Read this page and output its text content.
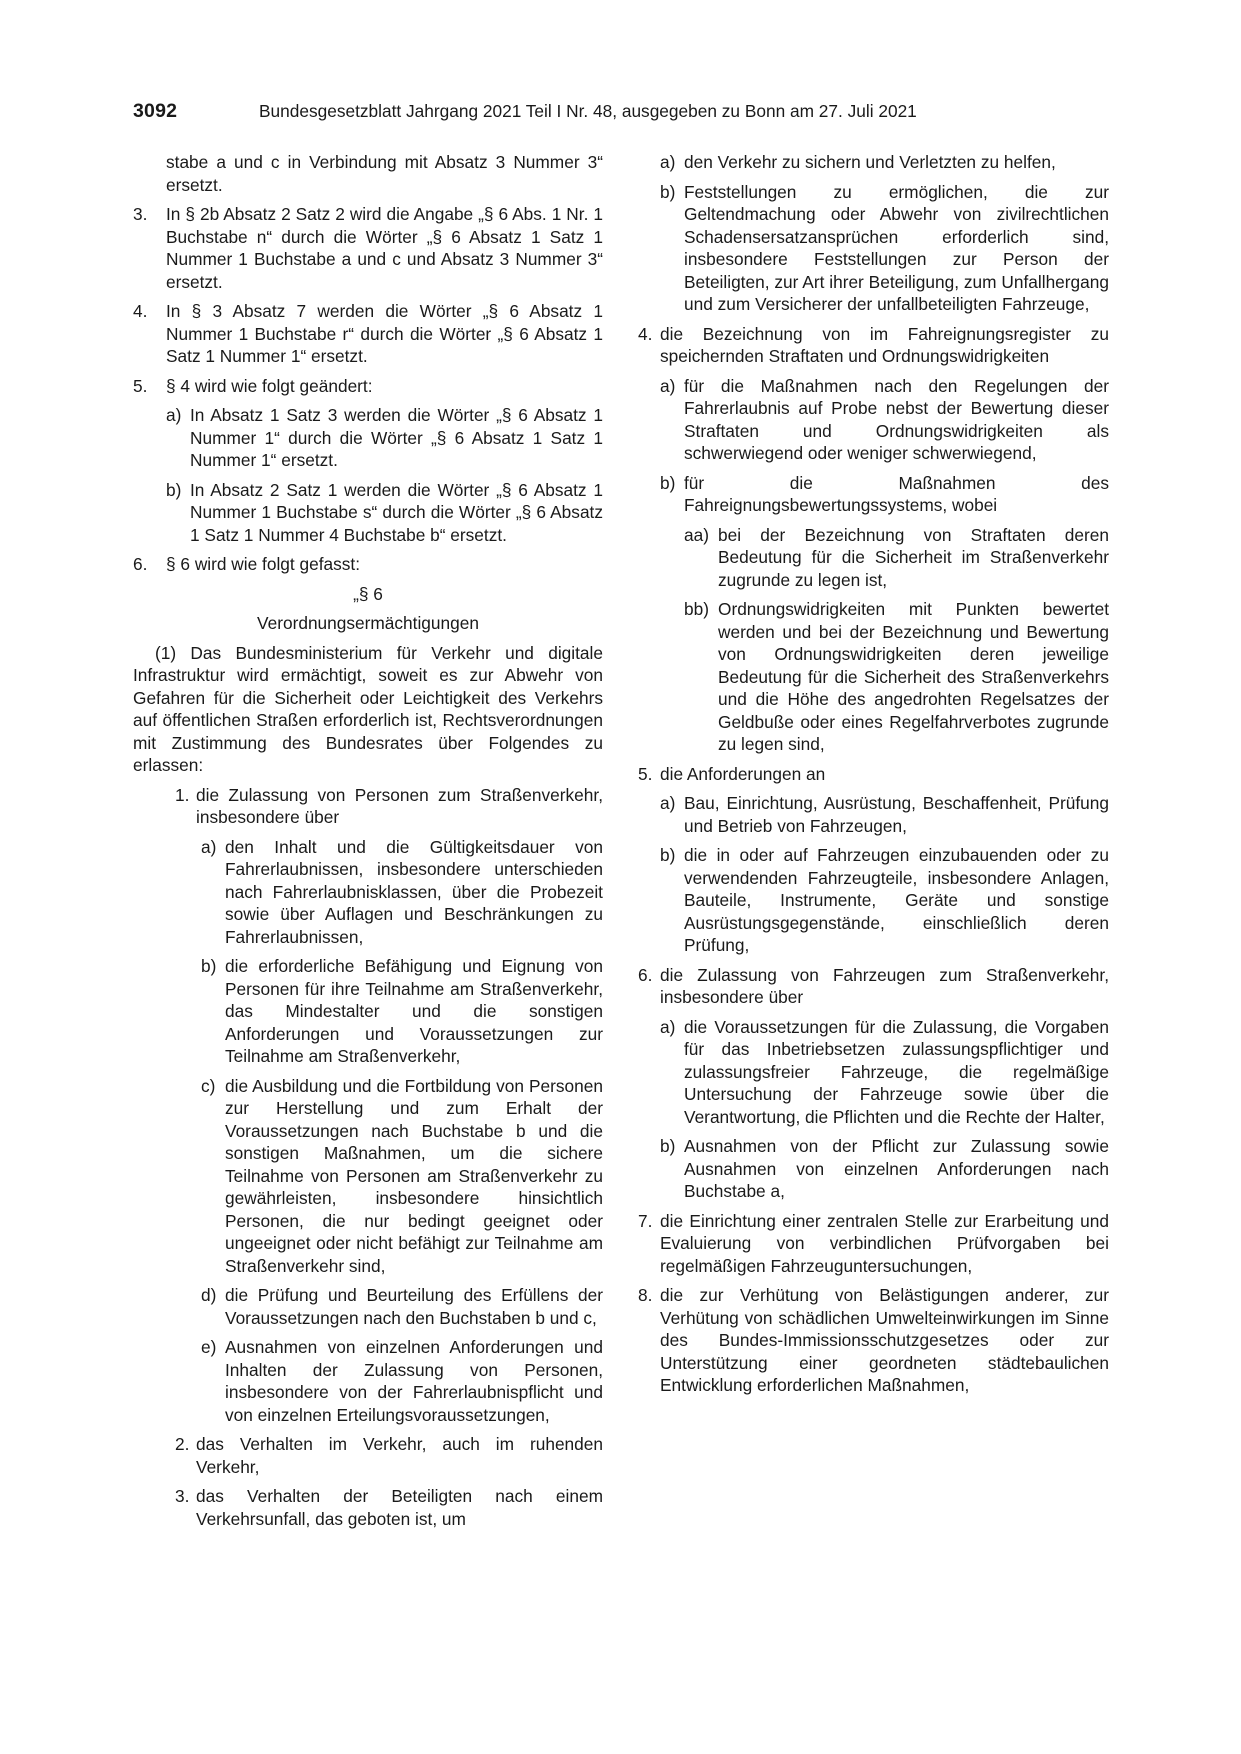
3092	Bundesgesetzblatt Jahrgang 2021 Teil I Nr. 48, ausgegeben zu Bonn am 27. Juli 2021
stabe a und c in Verbindung mit Absatz 3 Nummer 3“ ersetzt.
3. In § 2b Absatz 2 Satz 2 wird die Angabe „§ 6 Abs. 1 Nr. 1 Buchstabe n“ durch die Wörter „§ 6 Absatz 1 Satz 1 Nummer 1 Buchstabe a und c und Absatz 3 Nummer 3“ ersetzt.
4. In § 3 Absatz 7 werden die Wörter „§ 6 Absatz 1 Nummer 1 Buchstabe r“ durch die Wörter „§ 6 Absatz 1 Satz 1 Nummer 1“ ersetzt.
5. § 4 wird wie folgt geändert:
a) In Absatz 1 Satz 3 werden die Wörter „§ 6 Absatz 1 Nummer 1“ durch die Wörter „§ 6 Absatz 1 Satz 1 Nummer 1“ ersetzt.
b) In Absatz 2 Satz 1 werden die Wörter „§ 6 Absatz 1 Nummer 1 Buchstabe s“ durch die Wörter „§ 6 Absatz 1 Satz 1 Nummer 4 Buchstabe b“ ersetzt.
6. § 6 wird wie folgt gefasst:
„§ 6
Verordnungsermächtigungen
(1) Das Bundesministerium für Verkehr und digitale Infrastruktur wird ermächtigt, soweit es zur Abwehr von Gefahren für die Sicherheit oder Leichtigkeit des Verkehrs auf öffentlichen Straßen erforderlich ist, Rechtsverordnungen mit Zustimmung des Bundesrates über Folgendes zu erlassen:
1. die Zulassung von Personen zum Straßenverkehr, insbesondere über
a) den Inhalt und die Gültigkeitsdauer von Fahrerlaubnissen, insbesondere unterschieden nach Fahrerlaubnisklassen, über die Probezeit sowie über Auflagen und Beschränkungen zu Fahrerlaubnissen,
b) die erforderliche Befähigung und Eignung von Personen für ihre Teilnahme am Straßenverkehr, das Mindestalter und die sonstigen Anforderungen und Voraussetzungen zur Teilnahme am Straßenverkehr,
c) die Ausbildung und die Fortbildung von Personen zur Herstellung und zum Erhalt der Voraussetzungen nach Buchstabe b und die sonstigen Maßnahmen, um die sichere Teilnahme von Personen am Straßenverkehr zu gewährleisten, insbesondere hinsichtlich Personen, die nur bedingt geeignet oder ungeeignet oder nicht befähigt zur Teilnahme am Straßenverkehr sind,
d) die Prüfung und Beurteilung des Erfüllens der Voraussetzungen nach den Buchstaben b und c,
e) Ausnahmen von einzelnen Anforderungen und Inhalten der Zulassung von Personen, insbesondere von der Fahrerlaubnispflicht und von einzelnen Erteilungsvoraussetzungen,
2. das Verhalten im Verkehr, auch im ruhenden Verkehr,
3. das Verhalten der Beteiligten nach einem Verkehrsunfall, das geboten ist, um
a) den Verkehr zu sichern und Verletzten zu helfen,
b) Feststellungen zu ermöglichen, die zur Geltendmachung oder Abwehr von zivilrechtlichen Schadensersatzansprüchen erforderlich sind, insbesondere Feststellungen zur Person der Beteiligten, zur Art ihrer Beteiligung, zum Unfallhergang und zum Versicherer der unfallbeteiligten Fahrzeuge,
4. die Bezeichnung von im Fahreignungsregister zu speichernden Straftaten und Ordnungswidrigkeiten
a) für die Maßnahmen nach den Regelungen der Fahrerlaubnis auf Probe nebst der Bewertung dieser Straftaten und Ordnungswidrigkeiten als schwerwiegend oder weniger schwerwiegend,
b) für die Maßnahmen des Fahreignungsbewertungssystems, wobei
aa) bei der Bezeichnung von Straftaten deren Bedeutung für die Sicherheit im Straßenverkehr zugrunde zu legen ist,
bb) Ordnungswidrigkeiten mit Punkten bewertet werden und bei der Bezeichnung und Bewertung von Ordnungswidrigkeiten deren jeweilige Bedeutung für die Sicherheit des Straßenverkehrs und die Höhe des angedrohten Regelsatzes der Geldbuße oder eines Regelfahrverbotes zugrunde zu legen sind,
5. die Anforderungen an
a) Bau, Einrichtung, Ausrüstung, Beschaffenheit, Prüfung und Betrieb von Fahrzeugen,
b) die in oder auf Fahrzeugen einzubauenden oder zu verwendenden Fahrzeugteile, insbesondere Anlagen, Bauteile, Instrumente, Geräte und sonstige Ausrüstungsgegenstände, einschließlich deren Prüfung,
6. die Zulassung von Fahrzeugen zum Straßenverkehr, insbesondere über
a) die Voraussetzungen für die Zulassung, die Vorgaben für das Inbetriebsetzen zulassungspflichtiger und zulassungsfreier Fahrzeuge, die regelmäßige Untersuchung der Fahrzeuge sowie über die Verantwortung, die Pflichten und die Rechte der Halter,
b) Ausnahmen von der Pflicht zur Zulassung sowie Ausnahmen von einzelnen Anforderungen nach Buchstabe a,
7. die Einrichtung einer zentralen Stelle zur Erarbeitung und Evaluierung von verbindlichen Prüfvorgaben bei regelmäßigen Fahrzeuguntersuchungen,
8. die zur Verhütung von Belästigungen anderer, zur Verhütung von schädlichen Umwelteinwirkungen im Sinne des Bundes-Immissionsschutzgesetzes oder zur Unterstützung einer geordneten städtebaulichen Entwicklung erforderlichen Maßnahmen,
